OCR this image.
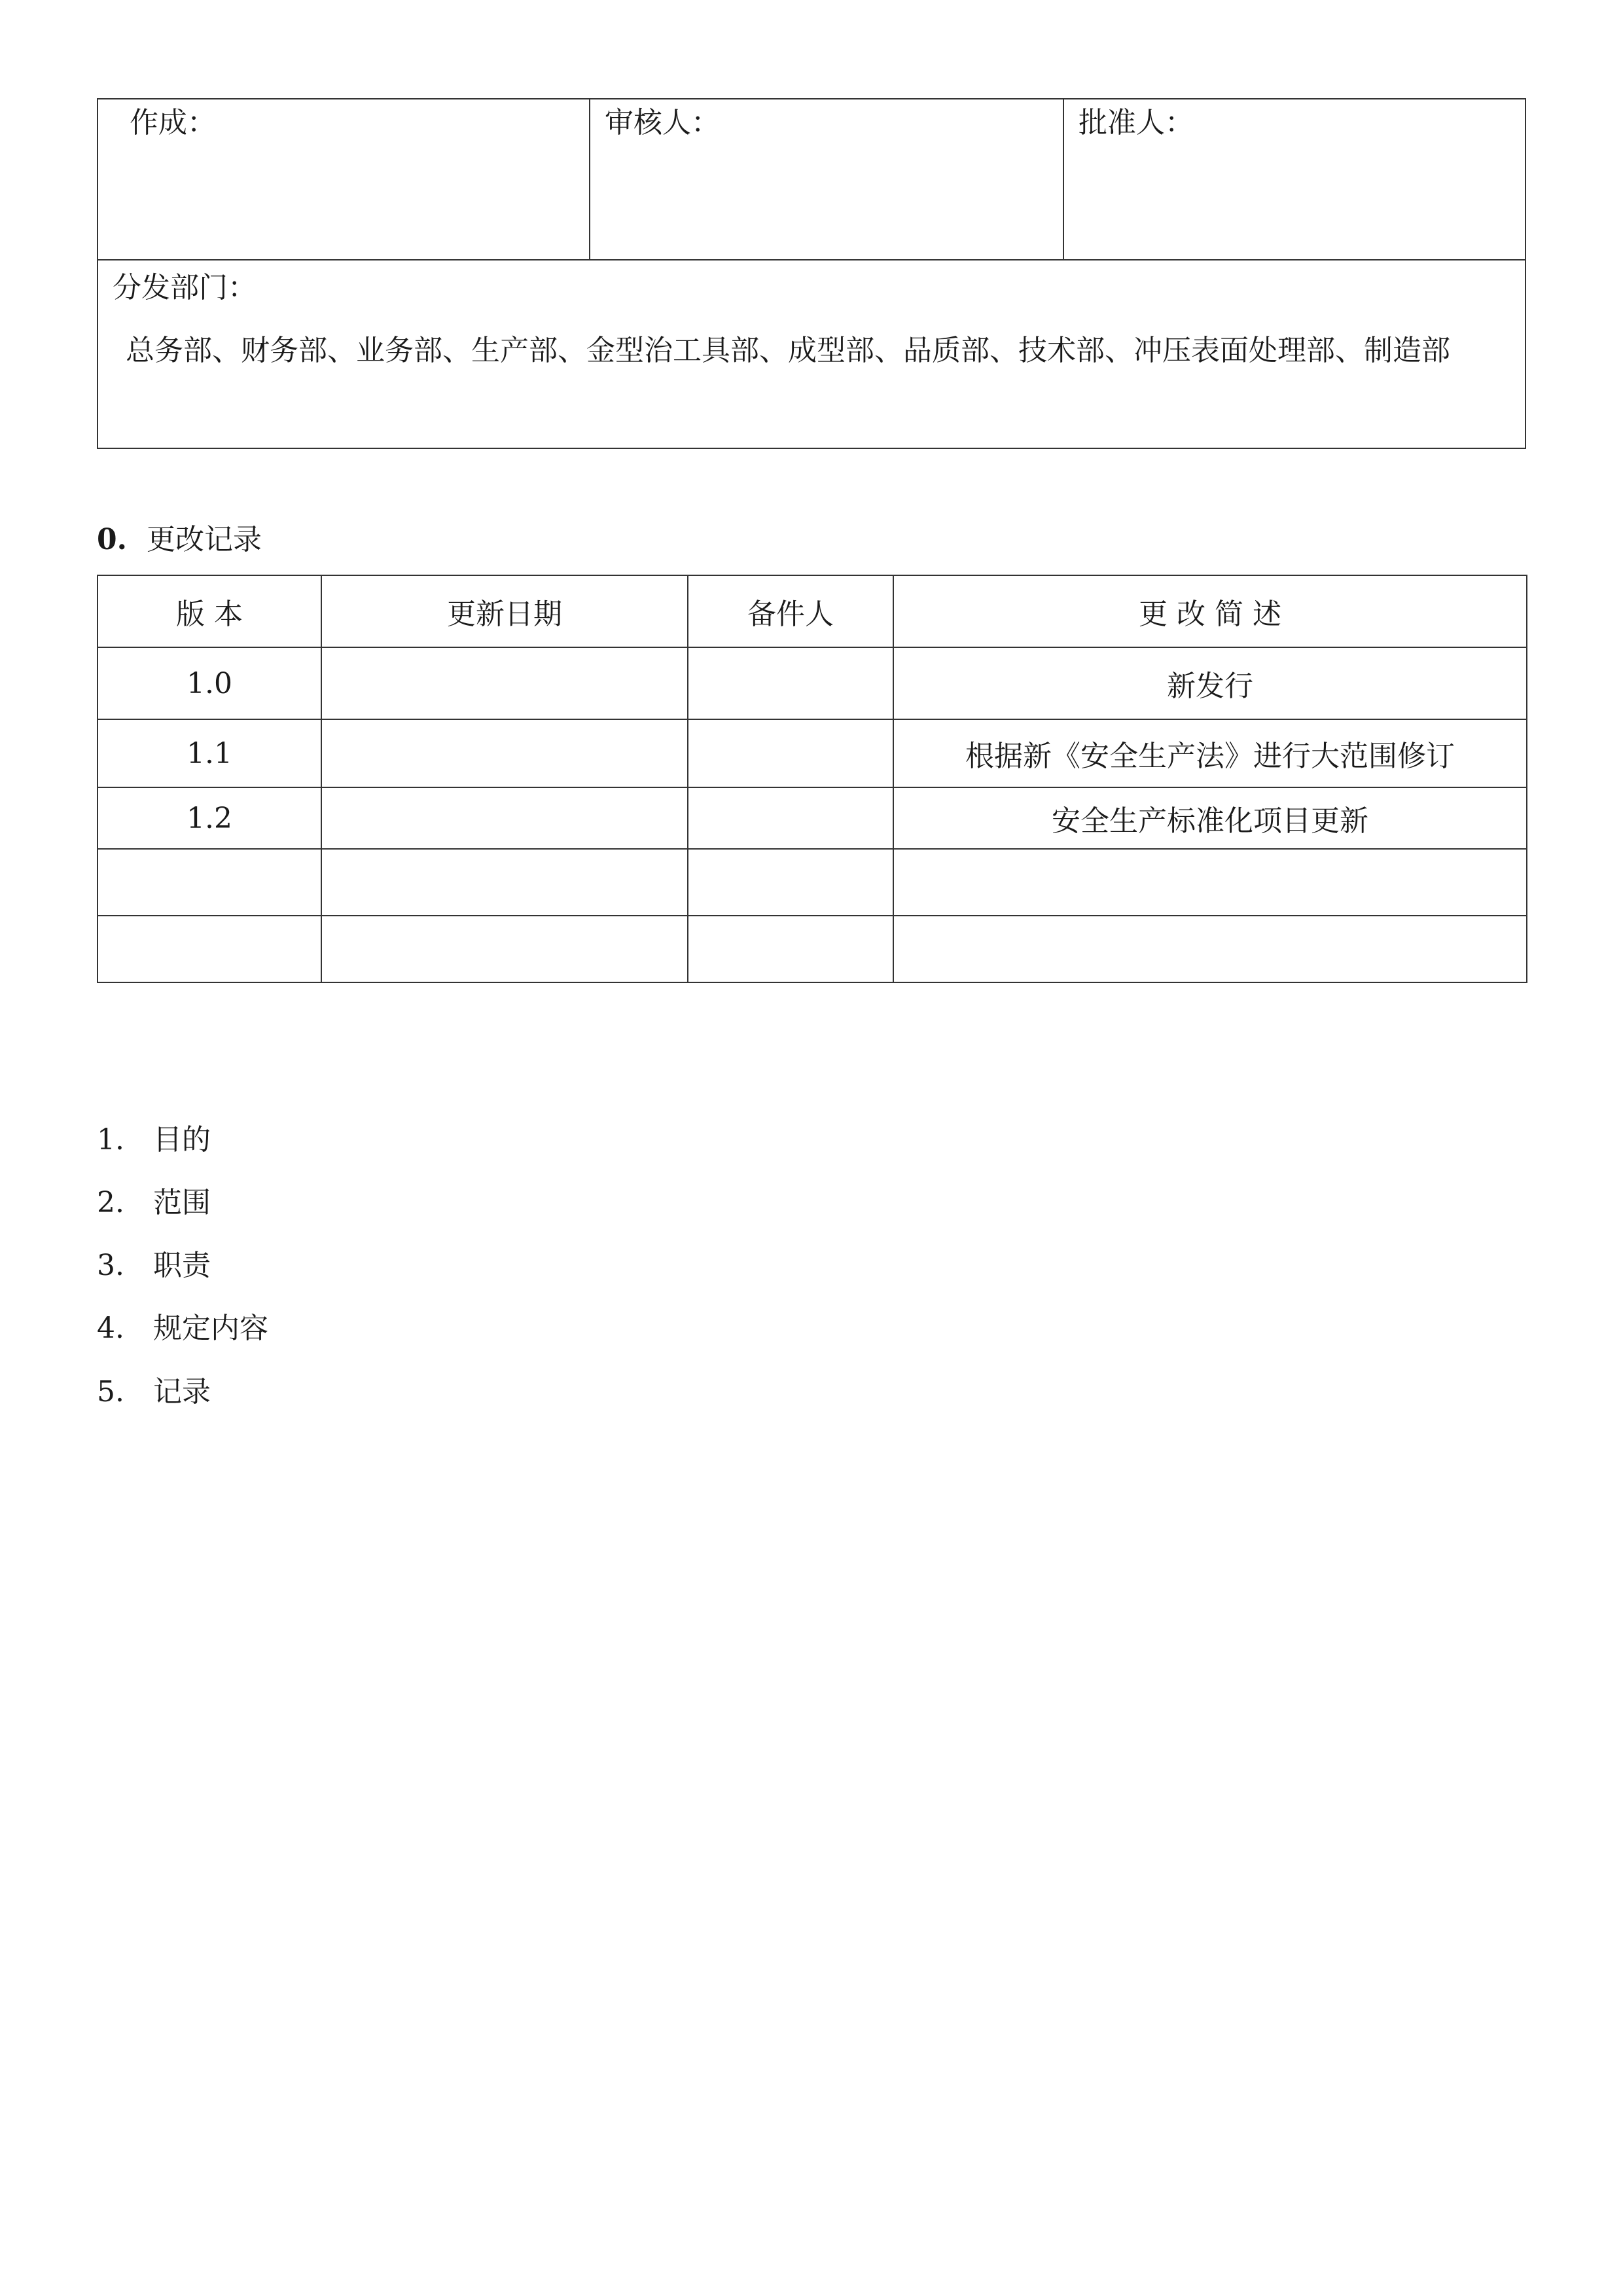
作成：	审核人：	批准人：

分发部门：
总务部、财务部、业务部、生产部、金型治工具部、成型部、品质部、技术部、冲压表面处理部、制造部
0. 更改记录
版 本	更新日期	备件人	更 改 简 述
1.0			新发行
1.1			根据新《安全生产法》进行大范围修订
1.2			安全生产标准化项目更新

1. 目的
2. 范围
3. 职责
4. 规定内容
5. 记录
